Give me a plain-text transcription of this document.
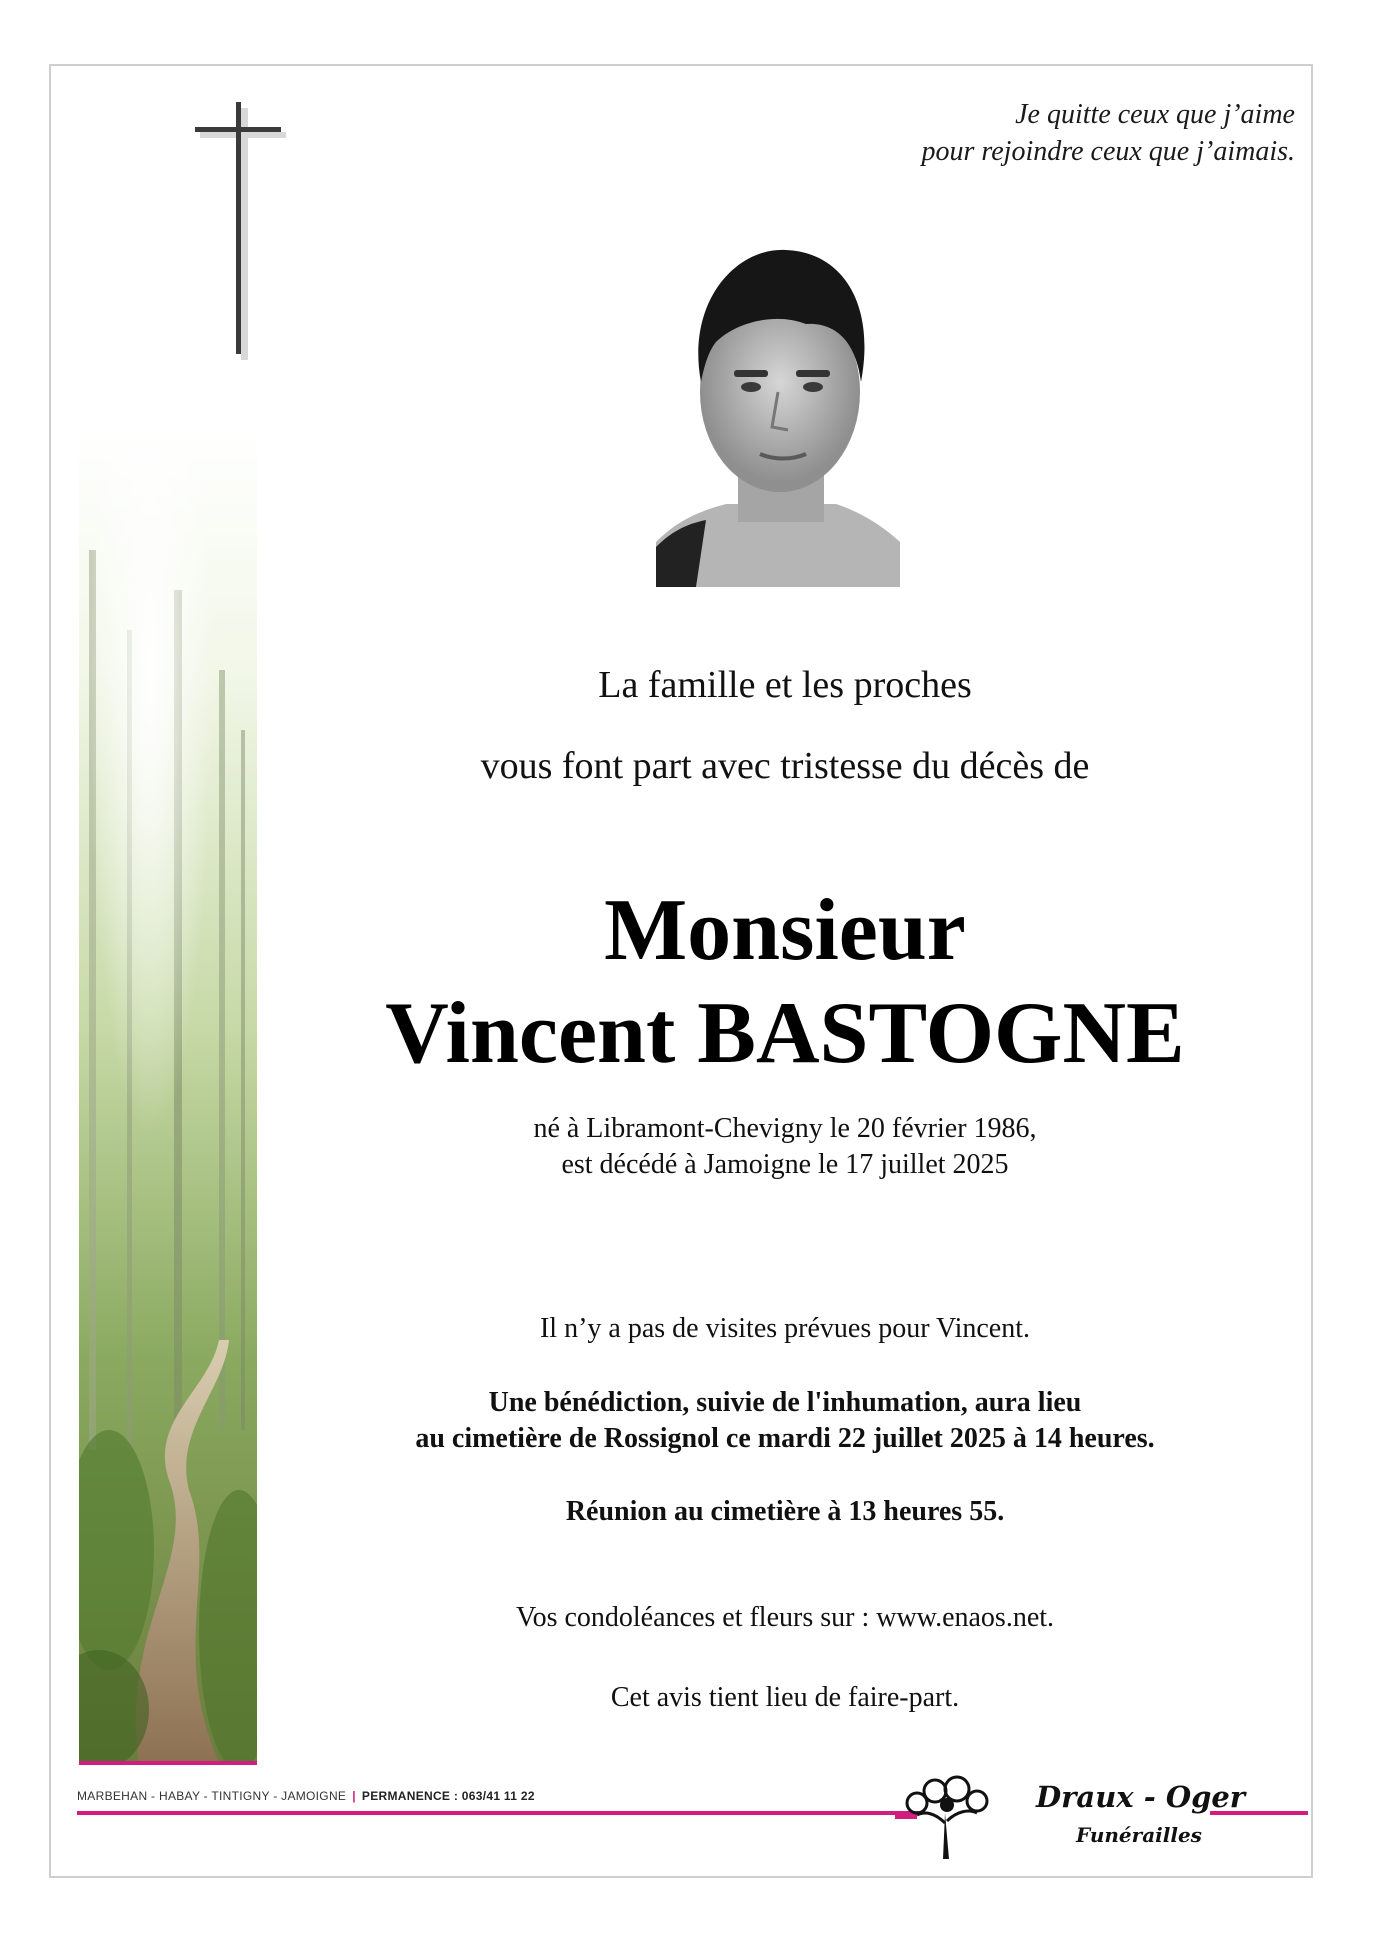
Je quitte ceux que j’aime
pour rejoindre ceux que j’aimais.
La famille et les proches
vous font part avec tristesse du décès de
Monsieur
Vincent BASTOGNE
né à Libramont-Chevigny le 20 février 1986,
est décédé à Jamoigne le 17 juillet 2025
Il n’y a pas de visites prévues pour Vincent.
Une bénédiction, suivie de l'inhumation, aura lieu
au cimetière de Rossignol ce mardi 22 juillet 2025 à 14 heures.
Réunion au cimetière à 13 heures 55.
Vos condoléances et fleurs sur : www.enaos.net.
Cet avis tient lieu de faire-part.
MARBEHAN - HABAY - TINTIGNY - JAMOIGNE | PERMANENCE : 063/41 11 22	Draux - Oger
Funérailles
